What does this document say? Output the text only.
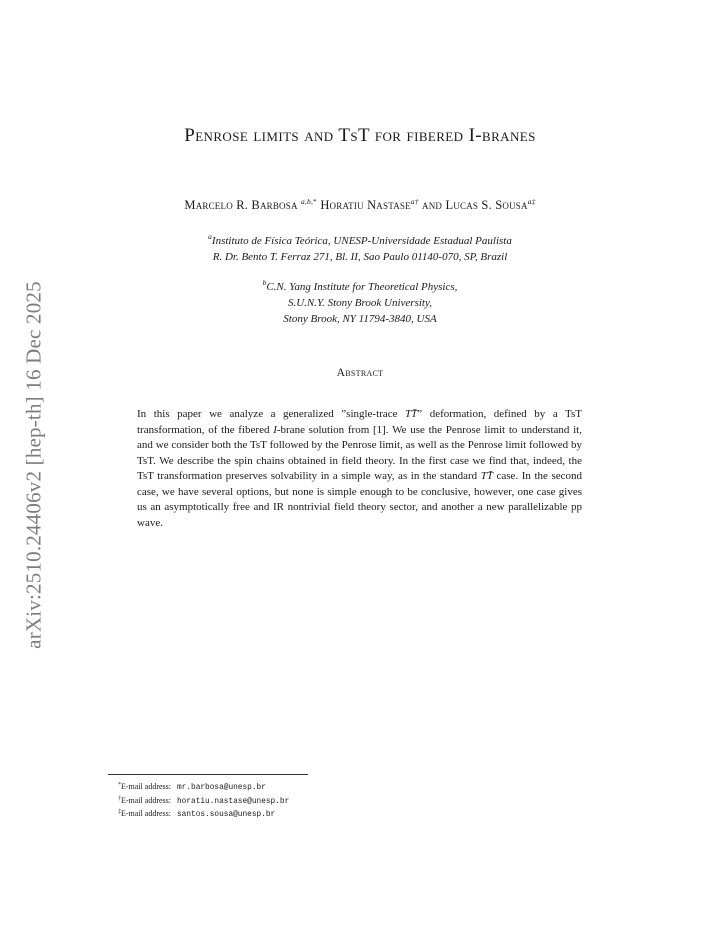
arXiv:2510.24406v2 [hep-th] 16 Dec 2025
Penrose limits and TsT for fibered I-branes
Marcelo R. Barbosa $^{a,b,*}$ Horatiu Nastase$^{a\dagger}$ and Lucas S. Sousa$^{a\ddagger}$
$^a$Instituto de Física Teórica, UNESP-Universidade Estadual Paulista
R. Dr. Bento T. Ferraz 271, Bl. II, Sao Paulo 01140-070, SP, Brazil
$^b$C.N. Yang Institute for Theoretical Physics,
S.U.N.Y. Stony Brook University,
Stony Brook, NY 11794-3840, USA
Abstract
In this paper we analyze a generalized ”single-trace TT̄” deformation, defined by a TsT transformation, of the fibered I-brane solution from [1]. We use the Penrose limit to understand it, and we consider both the TsT followed by the Penrose limit, as well as the Penrose limit followed by TsT. We describe the spin chains obtained in field theory. In the first case we find that, indeed, the TsT transformation preserves solvability in a simple way, as in the standard TT̄ case. In the second case, we have several options, but none is simple enough to be conclusive, however, one case gives us an asymptotically free and IR nontrivial field theory sector, and another a new parallelizable pp wave.
*E-mail address: mr.barbosa@unesp.br
†E-mail address: horatiu.nastase@unesp.br
‡E-mail address: santos.sousa@unesp.br
